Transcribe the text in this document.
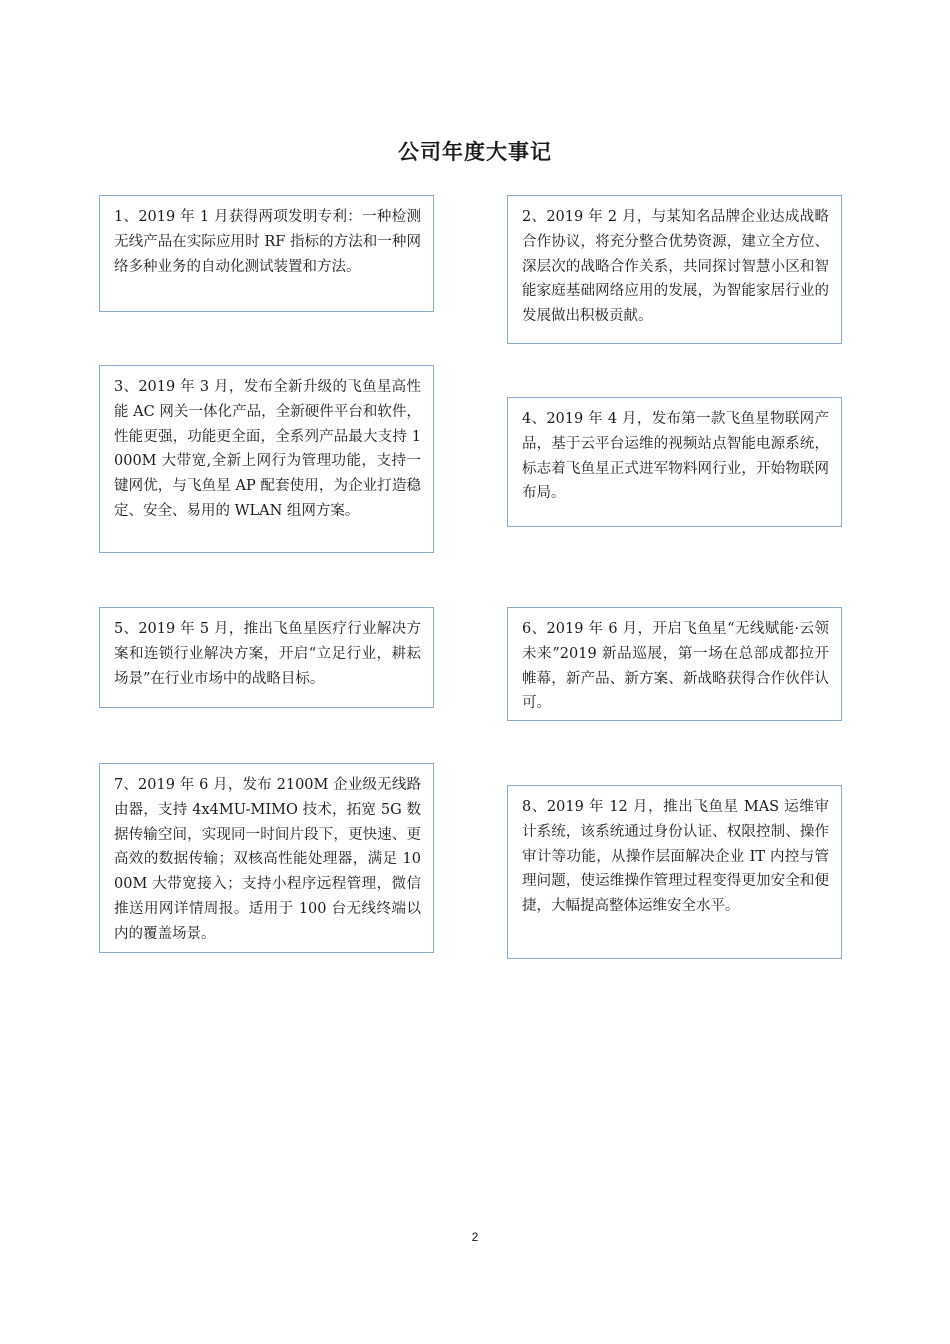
公司年度大事记

1、2019 年 1 月获得两项发明专利：一种检测无线产品在实际应用时 RF 指标的方法和一种网络多种业务的自动化测试装置和方法。

2、2019 年 2 月，与某知名品牌企业达成战略合作协议，将充分整合优势资源，建立全方位、深层次的战略合作关系，共同探讨智慧小区和智能家庭基础网络应用的发展，为智能家居行业的发展做出积极贡献。

3、2019 年 3 月，发布全新升级的飞鱼星高性能 AC 网关一体化产品，全新硬件平台和软件，性能更强，功能更全面，全系列产品最大支持 1000M 大带宽,全新上网行为管理功能，支持一键网优，与飞鱼星 AP 配套使用，为企业打造稳定、安全、易用的 WLAN 组网方案。

4、2019 年 4 月，发布第一款飞鱼星物联网产品，基于云平台运维的视频站点智能电源系统，标志着飞鱼星正式进军物料网行业，开始物联网布局。

5、2019 年 5 月，推出飞鱼星医疗行业解决方案和连锁行业解决方案，开启“立足行业，耕耘场景”在行业市场中的战略目标。

6、2019 年 6 月，开启飞鱼星“无线赋能·云领未来”2019 新品巡展，第一场在总部成都拉开帷幕，新产品、新方案、新战略获得合作伙伴认可。

7、2019 年 6 月，发布 2100M 企业级无线路由器，支持 4x4MU-MIMO 技术，拓宽 5G 数据传输空间，实现同一时间片段下，更快速、更高效的数据传输；双核高性能处理器，满足 1000M 大带宽接入；支持小程序远程管理，微信推送用网详情周报。适用于 100 台无线终端以内的覆盖场景。

8、2019 年 12 月，推出飞鱼星 MAS 运维审计系统，该系统通过身份认证、权限控制、操作审计等功能，从操作层面解决企业 IT 内控与管理问题，使运维操作管理过程变得更加安全和便捷，大幅提高整体运维安全水平。

2
